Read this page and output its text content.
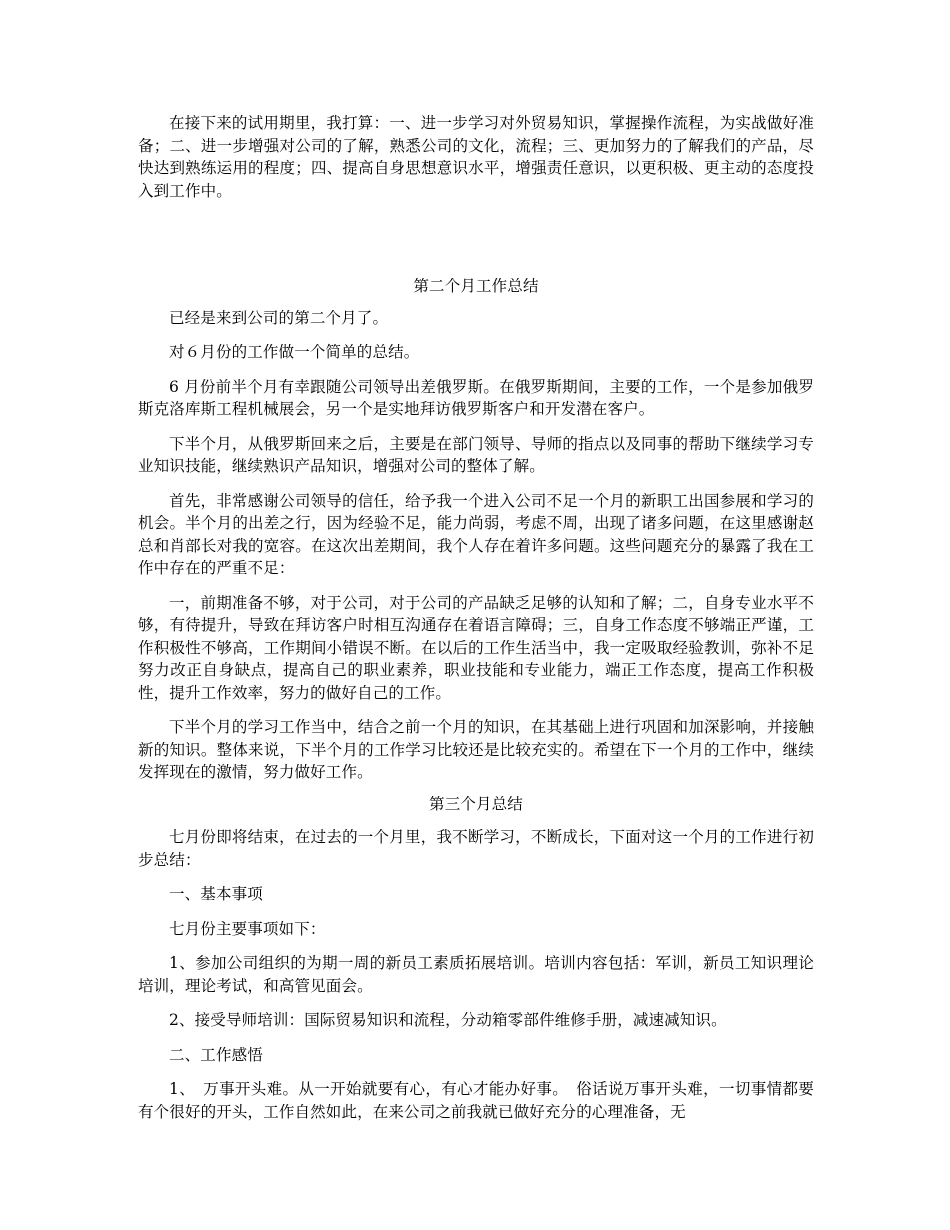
在接下来的试用期里，我打算：一、进一步学习对外贸易知识，掌握操作流程，为实战做好准备；二、进一步增强对公司的了解，熟悉公司的文化，流程；三、更加努力的了解我们的产品，尽快达到熟练运用的程度；四、提高自身思想意识水平，增强责任意识，以更积极、更主动的态度投入到工作中。

第二个月工作总结

已经是来到公司的第二个月了。

对６月份的工作做一个简单的总结。

6 月份前半个月有幸跟随公司领导出差俄罗斯。在俄罗斯期间，主要的工作，一个是参加俄罗斯克洛库斯工程机械展会，另一个是实地拜访俄罗斯客户和开发潜在客户。

下半个月，从俄罗斯回来之后，主要是在部门领导、导师的指点以及同事的帮助下继续学习专业知识技能，继续熟识产品知识，增强对公司的整体了解。

首先，非常感谢公司领导的信任，给予我一个进入公司不足一个月的新职工出国参展和学习的机会。半个月的出差之行，因为经验不足，能力尚弱，考虑不周，出现了诸多问题，在这里感谢赵总和肖部长对我的宽容。在这次出差期间，我个人存在着许多问题。这些问题充分的暴露了我在工作中存在的严重不足：

一，前期准备不够，对于公司，对于公司的产品缺乏足够的认知和了解；二，自身专业水平不够，有待提升，导致在拜访客户时相互沟通存在着语言障碍；三，自身工作态度不够端正严谨，工作积极性不够高，工作期间小错误不断。在以后的工作生活当中，我一定吸取经验教训，弥补不足努力改正自身缺点，提高自己的职业素养，职业技能和专业能力，端正工作态度，提高工作积极性，提升工作效率，努力的做好自己的工作。

下半个月的学习工作当中，结合之前一个月的知识，在其基础上进行巩固和加深影响，并接触新的知识。整体来说，下半个月的工作学习比较还是比较充实的。希望在下一个月的工作中，继续发挥现在的激情，努力做好工作。

第三个月总结

七月份即将结束，在过去的一个月里，我不断学习，不断成长，下面对这一个月的工作进行初步总结：

一、基本事项

七月份主要事项如下：

1、参加公司组织的为期一周的新员工素质拓展培训。培训内容包括：军训，新员工知识理论培训，理论考试，和高管见面会。

2、接受导师培训：国际贸易知识和流程，分动箱零部件维修手册，减速减知识。

二、工作感悟

1、　万事开头难。从一开始就要有心，有心才能办好事。　俗话说万事开头难，一切事情都要有个很好的开头，工作自然如此，在来公司之前我就已做好充分的心理准备，无
